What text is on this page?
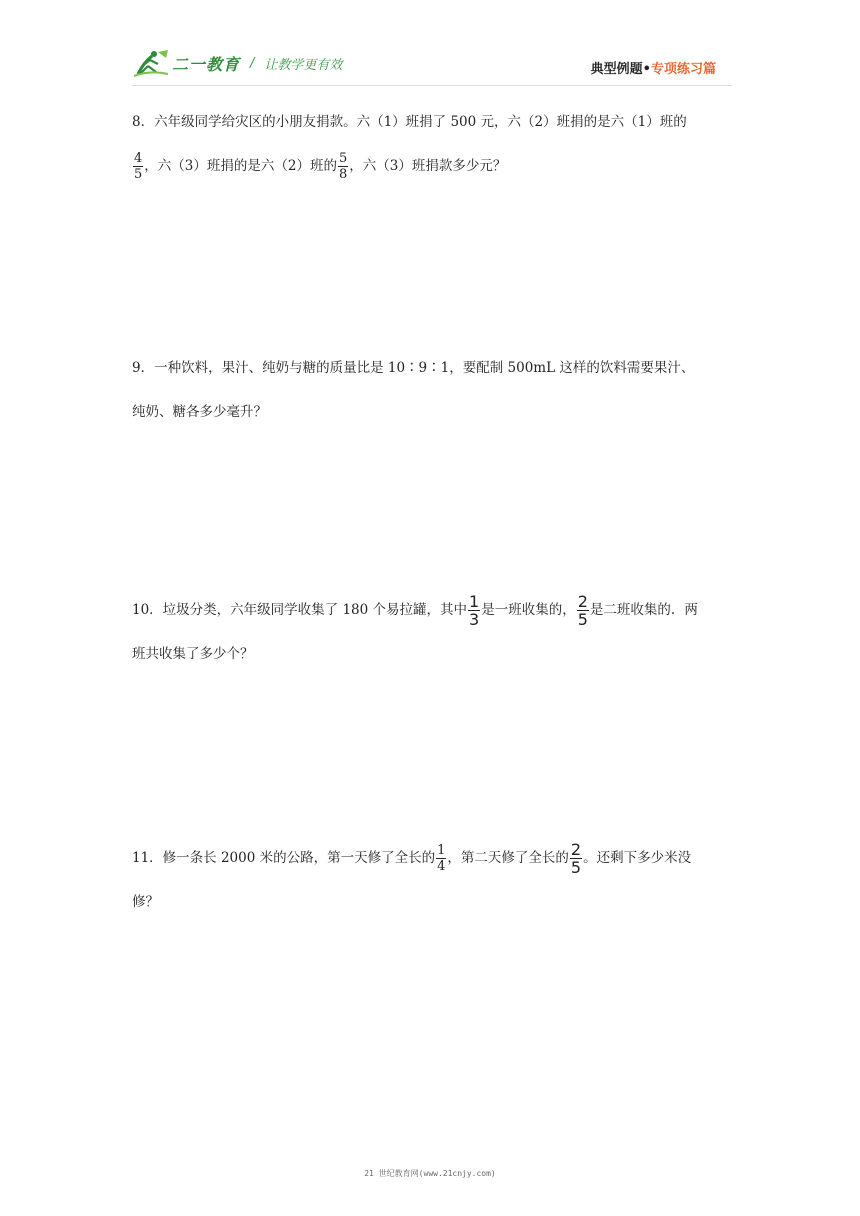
二一教育 / 让教学更有效	典型例题•专项练习篇
8．六年级同学给灾区的小朋友捐款。六（1）班捐了 500 元，六（2）班捐的是六（1）班的
$\frac{4}{5}$ ，六（3）班捐的是六（2）班的 $\frac{5}{8}$ ，六（3）班捐款多少元？
9．一种饮料，果汁、纯奶与糖的质量比是 10∶9∶1，要配制 500mL 这样的饮料需要果汁、
纯奶、糖各多少毫升？
10．垃圾分类，六年级同学收集了 180 个易拉罐，其中 $\frac{1}{3}$ 是一班收集的， $\frac{2}{5}$ 是二班收集的．两
班共收集了多少个？
11．修一条长 2000 米的公路，第一天修了全长的 $\frac{1}{4}$ ，第二天修了全长的 $\frac{2}{5}$ 。还剩下多少米没
修？
21 世纪教育网(www.21cnjy.com)
